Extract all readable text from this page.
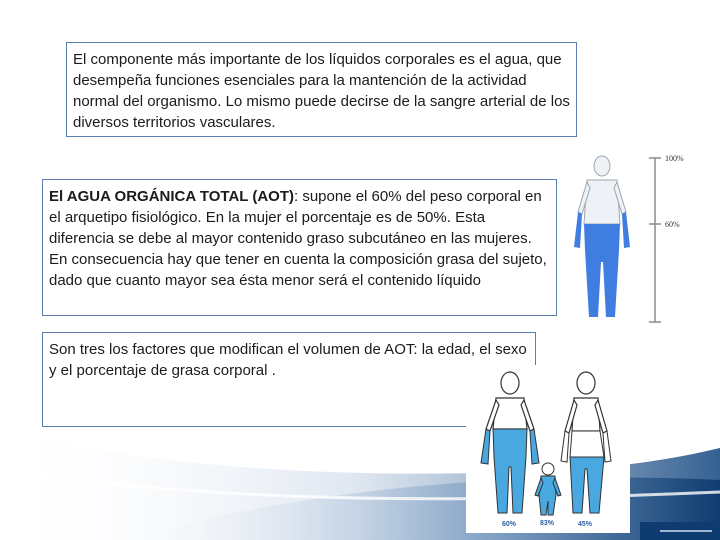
El componente más importante de los líquidos corporales es el agua, que desempeña funciones esenciales para la mantención de la actividad normal del organismo. Lo mismo puede decirse de la sangre arterial de los diversos territorios vasculares.
El AGUA ORGÁNICA TOTAL (AOT): supone el 60% del peso corporal en el arquetipo fisiológico. En la mujer el porcentaje es de 50%. Esta diferencia se debe al mayor contenido graso subcutáneo en las mujeres. En consecuencia hay que tener en cuenta la composición grasa del sujeto, dado que cuanto mayor sea ésta menor será el contenido líquido
Son tres los factores que modifican el volumen de AOT: la edad, el sexo y el porcentaje de grasa corporal .
100%
60%
60%	83%	45%
